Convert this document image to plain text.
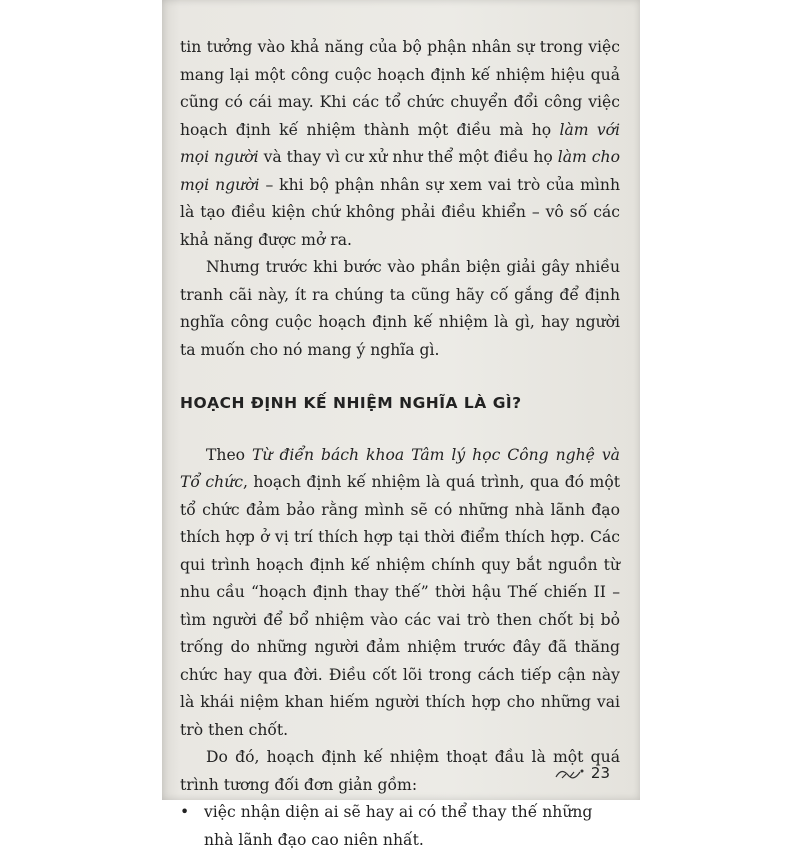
tin tưởng vào khả năng của bộ phận nhân sự trong việc mang lại một công cuộc hoạch định kế nhiệm hiệu quả cũng có cái may. Khi các tổ chức chuyển đổi công việc hoạch định kế nhiệm thành một điều mà họ làm với mọi người và thay vì cư xử như thể một điều họ làm cho mọi người – khi bộ phận nhân sự xem vai trò của mình là tạo điều kiện chứ không phải điều khiển – vô số các khả năng được mở ra.

Nhưng trước khi bước vào phần biện giải gây nhiều tranh cãi này, ít ra chúng ta cũng hãy cố gắng để định nghĩa công cuộc hoạch định kế nhiệm là gì, hay người ta muốn cho nó mang ý nghĩa gì.

HOẠCH ĐỊNH KẾ NHIỆM NGHĨA LÀ GÌ?

Theo Từ điển bách khoa Tâm lý học Công nghệ và Tổ chức, hoạch định kế nhiệm là quá trình, qua đó một tổ chức đảm bảo rằng mình sẽ có những nhà lãnh đạo thích hợp ở vị trí thích hợp tại thời điểm thích hợp. Các qui trình hoạch định kế nhiệm chính quy bắt nguồn từ nhu cầu “hoạch định thay thế” thời hậu Thế chiến II – tìm người để bổ nhiệm vào các vai trò then chốt bị bỏ trống do những người đảm nhiệm trước đây đã thăng chức hay qua đời. Điều cốt lõi trong cách tiếp cận này là khái niệm khan hiếm người thích hợp cho những vai trò then chốt.

Do đó, hoạch định kế nhiệm thoạt đầu là một quá trình tương đối đơn giản gồm:

• việc nhận diện ai sẽ hay ai có thể thay thế những nhà lãnh đạo cao niên nhất.
23
